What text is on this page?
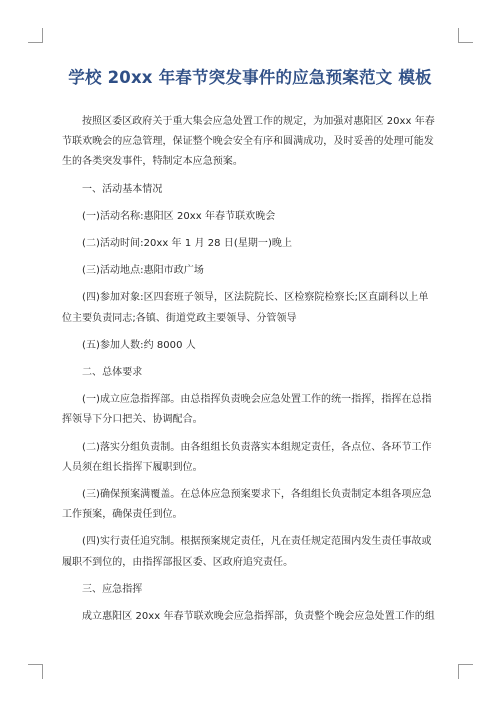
学校 20xx 年春节突发事件的应急预案范文 模板

按照区委区政府关于重大集会应急处置工作的规定，为加强对惠阳区 20xx 年春节联欢晚会的应急管理，保证整个晚会安全有序和圆满成功，及时妥善的处理可能发生的各类突发事件，特制定本应急预案。

一、活动基本情况

(一)活动名称:惠阳区 20xx 年春节联欢晚会

(二)活动时间:20xx 年 1 月 28 日(星期一)晚上

(三)活动地点:惠阳市政广场

(四)参加对象:区四套班子领导，区法院院长、区检察院检察长;区直副科以上单位主要负责同志;各镇、街道党政主要领导、分管领导

(五)参加人数:约 8000 人

二、总体要求

(一)成立应急指挥部。由总指挥负责晚会应急处置工作的统一指挥，指挥在总指挥领导下分口把关、协调配合。

(二)落实分组负责制。由各组组长负责落实本组规定责任，各点位、各环节工作人员须在组长指挥下履职到位。

(三)确保预案满覆盖。在总体应急预案要求下，各组组长负责制定本组各项应急工作预案，确保责任到位。

(四)实行责任追究制。根据预案规定责任，凡在责任规定范围内发生责任事故或履职不到位的，由指挥部报区委、区政府追究责任。

三、应急指挥

成立惠阳区 20xx 年春节联欢晚会应急指挥部，负责整个晚会应急处置工作的组
